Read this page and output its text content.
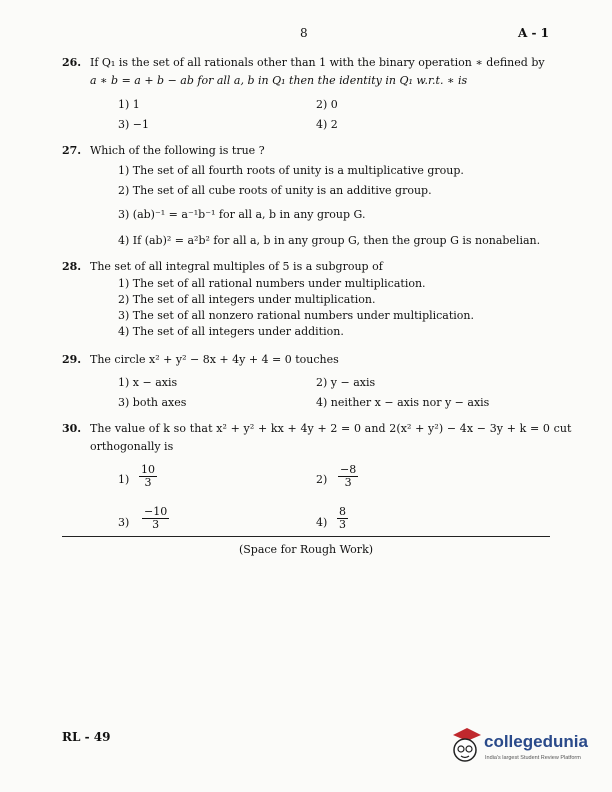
8	A - 1
26. If Q₁ is the set of all rationals other than 1 with the binary operation ∗ defined by
a ∗ b = a + b − ab for all a, b in Q₁ then the identity in Q₁ w.r.t. ∗ is
1) 1	2) 0
3) −1	4) 2
27. Which of the following is true ?
1) The set of all fourth roots of unity is a multiplicative group.
2) The set of all cube roots of unity is an additive group.
3) (ab)⁻¹ = a⁻¹b⁻¹ for all a, b in any group G.
4) If (ab)² = a²b² for all a, b in any group G, then the group G is nonabelian.
28. The set of all integral multiples of 5 is a subgroup of
1) The set of all rational numbers under multiplication.
2) The set of all integers under multiplication.
3) The set of all nonzero rational numbers under multiplication.
4) The set of all integers under addition.
29. The circle x² + y² − 8x + 4y + 4 = 0 touches
1) x − axis	2) y − axis
3) both axes	4) neither x − axis nor y − axis
30. The value of k so that x² + y² + kx + 4y + 2 = 0 and 2(x² + y²) − 4x − 3y + k = 0 cut
orthogonally is
$1) \frac{10}{3}$	$2) \frac{-8}{3}$
$3) \frac{-10}{3}$	$4) \frac{8}{3}$
(Space for Rough Work)
RL - 49	collegedunia
India's largest Student Review Platform
